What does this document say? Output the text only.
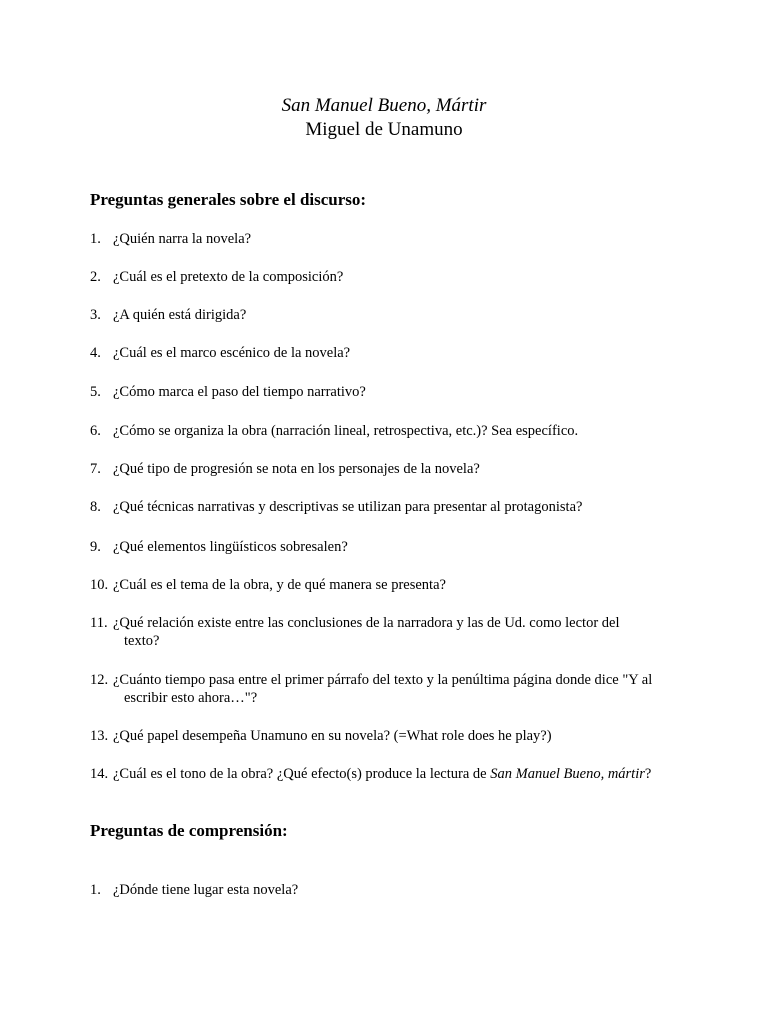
San Manuel Bueno, Mártir
Miguel de Unamuno
Preguntas generales sobre el discurso:
1. ¿Quién narra la novela?
2. ¿Cuál es el pretexto de la composición?
3. ¿A quién está dirigida?
4. ¿Cuál es el marco escénico de la novela?
5. ¿Cómo marca el paso del tiempo narrativo?
6. ¿Cómo se organiza la obra (narración lineal, retrospectiva, etc.)? Sea específico.
7. ¿Qué tipo de progresión se nota en los personajes de la novela?
8. ¿Qué técnicas narrativas y descriptivas se utilizan para presentar al protagonista?
9. ¿Qué elementos lingüísticos sobresalen?
10. ¿Cuál es el tema de la obra, y de qué manera se presenta?
11. ¿Qué relación existe entre las conclusiones de la narradora y las de Ud. como lector del
texto?
12. ¿Cuánto tiempo pasa entre el primer párrafo del texto y la penúltima página donde dice "Y al
escribir esto ahora…"?
13. ¿Qué papel desempeña Unamuno en su novela? (=What role does he play?)
14. ¿Cuál es el tono de la obra? ¿Qué efecto(s) produce la lectura de San Manuel Bueno, mártir?
Preguntas de comprensión:
1. ¿Dónde tiene lugar esta novela?
